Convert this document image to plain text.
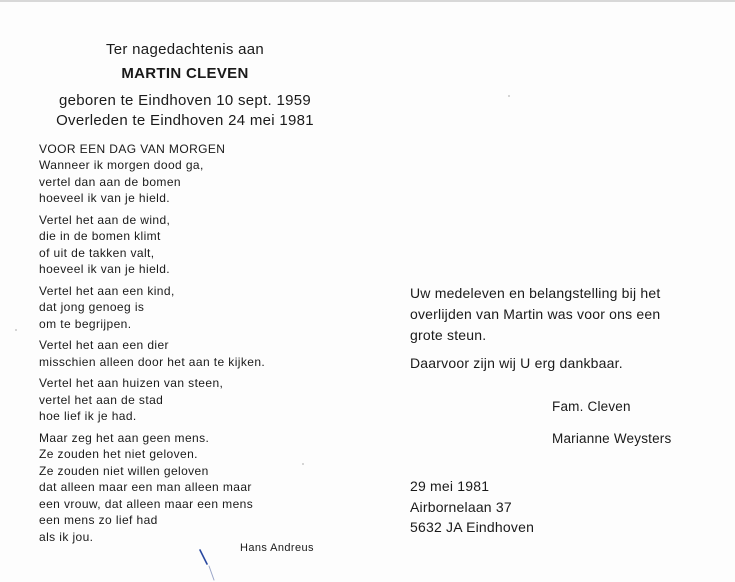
Ter nagedachtenis aan
MARTIN CLEVEN
geboren te Eindhoven 10 sept. 1959
Overleden te Eindhoven 24 mei 1981
VOOR EEN DAG VAN MORGEN
Wanneer ik morgen dood ga,
vertel dan aan de bomen
hoeveel ik van je hield.
Vertel het aan de wind,
die in de bomen klimt
of uit de takken valt,
hoeveel ik van je hield.
Vertel het aan een kind,
dat jong genoeg is
om te begrijpen.
Vertel het aan een dier
misschien alleen door het aan te kijken.
Vertel het aan huizen van steen,
vertel het aan de stad
hoe lief ik je had.
Maar zeg het aan geen mens.
Ze zouden het niet geloven.
Ze zouden niet willen geloven
dat alleen maar een man alleen maar
een vrouw, dat alleen maar een mens
een mens zo lief had
als ik jou.
Hans Andreus
Uw medeleven en belangstelling bij het
overlijden van Martin was voor ons een
grote steun.
Daarvoor zijn wij U erg dankbaar.
Fam. Cleven
Marianne Weysters
29 mei 1981
Airbornelaan 37
5632 JA Eindhoven
